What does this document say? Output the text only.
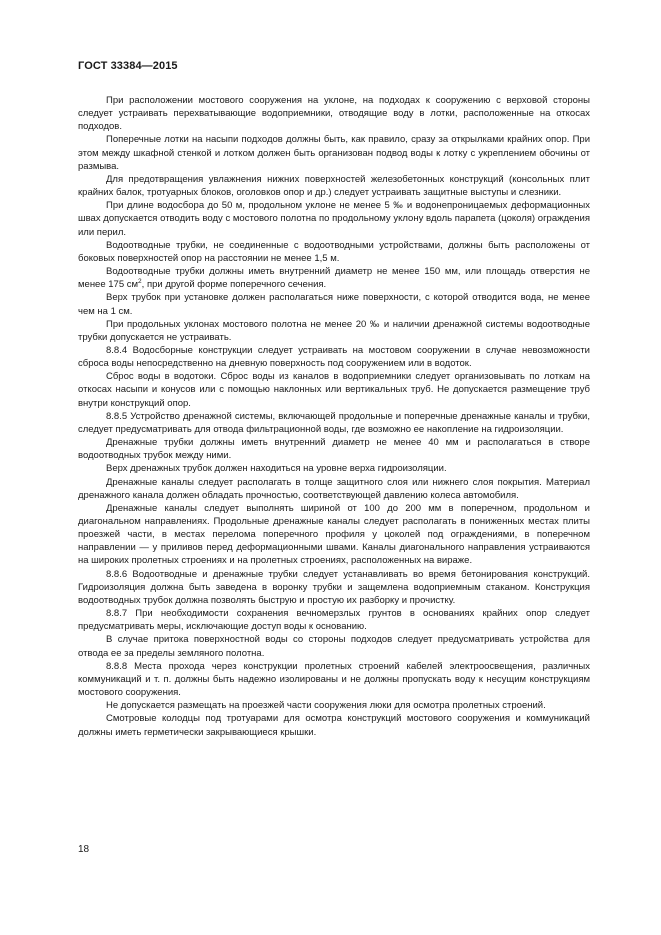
ГОСТ 33384—2015

При расположении мостового сооружения на уклоне, на подходах к сооружению с верховой стороны следует устраивать перехватывающие водоприемники, отводящие воду в лотки, расположенные на откосах подходов.

Поперечные лотки на насыпи подходов должны быть, как правило, сразу за открылками крайних опор. При этом между шкафной стенкой и лотком должен быть организован подвод воды к лотку с укреплением обочины от размыва.

Для предотвращения увлажнения нижних поверхностей железобетонных конструкций (консольных плит крайних балок, тротуарных блоков, оголовков опор и др.) следует устраивать защитные выступы и слезники.

При длине водосбора до 50 м, продольном уклоне не менее 5 ‰ и водонепроницаемых деформационных швах допускается отводить воду с мостового полотна по продольному уклону вдоль парапета (цоколя) ограждения или перил.

Водоотводные трубки, не соединенные с водоотводными устройствами, должны быть расположены от боковых поверхностей опор на расстоянии не менее 1,5 м.

Водоотводные трубки должны иметь внутренний диаметр не менее 150 мм, или площадь отверстия не менее 175 $см^2$, при другой форме поперечного сечения.

Верх трубок при установке должен располагаться ниже поверхности, с которой отводится вода, не менее чем на 1 см.

При продольных уклонах мостового полотна не менее 20 ‰ и наличии дренажной системы водоотводные трубки допускается не устраивать.

8.8.4 Водосборные конструкции следует устраивать на мостовом сооружении в случае невозможности сброса воды непосредственно на дневную поверхность под сооружением или в водоток.

Сброс воды в водотоки. Сброс воды из каналов в водоприемники следует организовывать по лоткам на откосах насыпи и конусов или с помощью наклонных или вертикальных труб. Не допускается размещение труб внутри конструкций опор.

8.8.5 Устройство дренажной системы, включающей продольные и поперечные дренажные каналы и трубки, следует предусматривать для отвода фильтрационной воды, где возможно ее накопление на гидроизоляции.

Дренажные трубки должны иметь внутренний диаметр не менее 40 мм и располагаться в створе водоотводных трубок между ними.

Верх дренажных трубок должен находиться на уровне верха гидроизоляции.

Дренажные каналы следует располагать в толще защитного слоя или нижнего слоя покрытия. Материал дренажного канала должен обладать прочностью, соответствующей давлению колеса автомобиля.

Дренажные каналы следует выполнять шириной от 100 до 200 мм в поперечном, продольном и диагональном направлениях. Продольные дренажные каналы следует располагать в пониженных местах плиты проезжей части, в местах перелома поперечного профиля у цоколей под ограждениями, в поперечном направлении — у приливов перед деформационными швами. Каналы диагонального направления устраиваются на широких пролетных строениях и на пролетных строениях, расположенных на вираже.

8.8.6 Водоотводные и дренажные трубки следует устанавливать во время бетонирования конструкций. Гидроизоляция должна быть заведена в воронку трубки и защемлена водоприемным стаканом. Конструкция водоотводных трубок должна позволять быструю и простую их разборку и прочистку.

8.8.7 При необходимости сохранения вечномерзлых грунтов в основаниях крайних опор следует предусматривать меры, исключающие доступ воды к основанию.

В случае притока поверхностной воды со стороны подходов следует предусматривать устройства для отвода ее за пределы земляного полотна.

8.8.8 Места прохода через конструкции пролетных строений кабелей электроосвещения, различных коммуникаций и т. п. должны быть надежно изолированы и не должны пропускать воду к несущим конструкциям мостового сооружения.

Не допускается размещать на проезжей части сооружения люки для осмотра пролетных строений.

Смотровые колодцы под тротуарами для осмотра конструкций мостового сооружения и коммуникаций должны иметь герметически закрывающиеся крышки.

18
